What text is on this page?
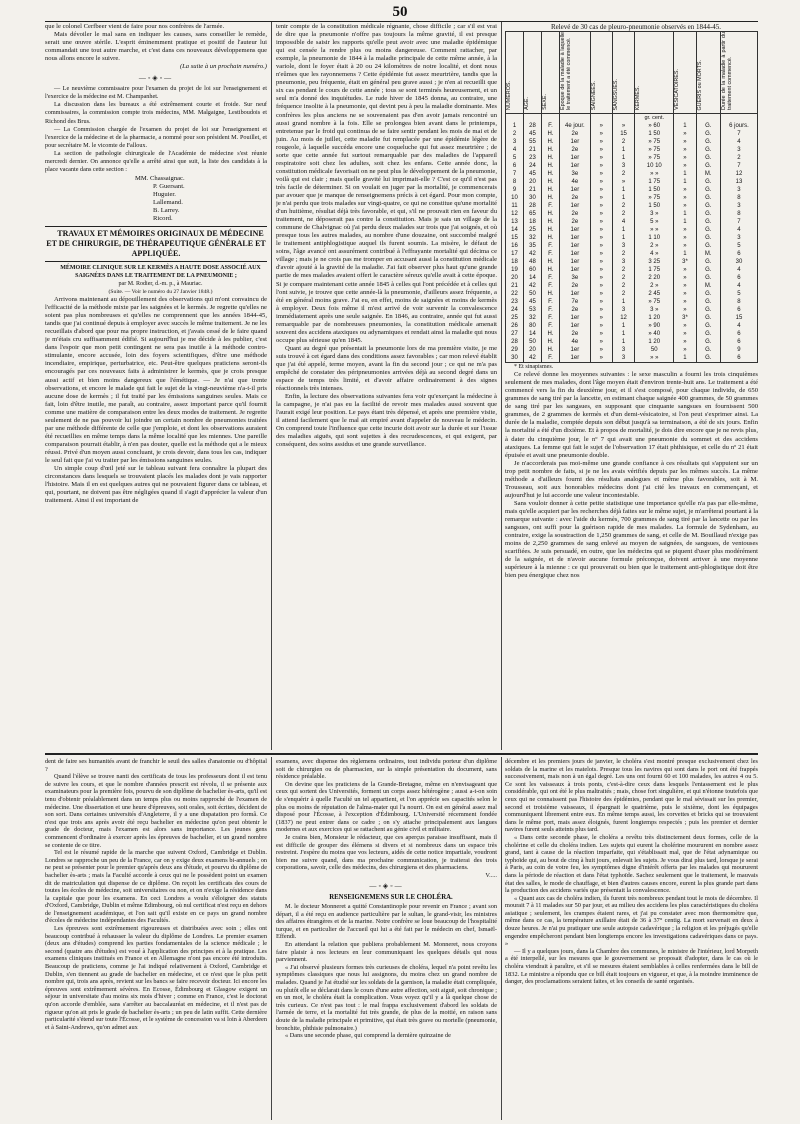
50

que le colonel Cerfbeer vient de faire pour nos confrères de l'armée.

Mais dévoiler le mal sans en indiquer les causes, sans conseiller le remède, serait une œuvre stérile. L'esprit éminemment pratique et positif de l'auteur lui commandait une tout autre marche, et c'est dans ces nouveaux développemens que nous allons encore le suivre.

(La suite à un prochain numéro.)

—◦◈◦—

— Le neuvième commissaire pour l'examen du projet de loi sur l'enseignement et l'exercice de la médecine est M. Champanhet.

La discussion dans les bureaux a été extrêmement courte et froide. Sur neuf commissaires, la commission compte trois médecins, MM. Malgaigne, Lestiboudois et Richond des Brus.

— La Commission chargée de l'examen du projet de loi sur l'enseignement et l'exercice de la médecine et de la pharmacie, a nommé pour son président M. Pouillet, et pour secrétaire M. le vicomte de Falloux.

La section de pathologie chirurgicale de l'Académie de médecine s'est réunie mercredi dernier. On annonce qu'elle a arrêté ainsi que suit, la liste des candidats à la place vacante dans cette section :

MM. Chassaignac.
P. Guersant.
Huguier.
Lallemand.
B. Larrey.
Ricord.

TRAVAUX ET MÉMOIRES ORIGINAUX DE MÉDECINE ET DE CHIRURGIE, DE THÉRAPEUTIQUE GÉNÉRALE ET APPLIQUÉE.

MÉMOIRE CLINIQUE SUR LE KERMÈS A HAUTE DOSE ASSOCIÉ AUX SAIGNÉES DANS LE TRAITEMENT DE LA PNEUMONIE ;

par M. Rodier, d.-m. p., à Mauriac.

(Suite. — Voir le numéro du 27 Janvier 1848.)

Arrivons maintenant au dépouillement des observations qui m'ont convaincu de l'efficacité de la méthode mixte par les saignées et le kermès. Je regrette qu'elles ne soient pas plus nombreuses et qu'elles ne comprennent que les années 1844-45, tandis que j'ai continué depuis à employer avec succès le même traitement. Je ne les recueillais d'abord que pour ma propre instruction, et j'avais cessé de le faire quand je m'étais cru suffisamment édifié. Si aujourd'hui je me décide à les publier, c'est dans l'espoir que mon petit contingent ne sera pas inutile à la méthode contro-stimulante, encore accusée, loin des foyers scientifiques, d'être une méthode incendiaire, empirique, perturbatrice, etc. Peut-être quelques praticiens seront-ils encouragés par ces nouveaux faits à administrer le kermès, que je crois presque aussi actif et bien moins dangereux que l'émétique. — Je n'ai que trente observations, et encore le malade qui fait le sujet de la vingt-neuvième n'a-t-il pris aucune dose de kermès ; il fut traité par les émissions sanguines seules. Mais ce fait, loin d'être inutile, me paraît, au contraire, assez important parce qu'il fournit comme une matière de comparaison entre les deux modes de traitement. Je regrette seulement de ne pas pouvoir lui joindre un certain nombre de pneumonies traitées par une méthode différente de celle que j'emploie, et dont les observations auraient été recueillies en même temps dans la même localité que les miennes. Une pareille comparaison pourrait établir, à n'en pas douter, quelle est la méthode qui a le mieux réussi. Privé d'un moyen aussi concluant, je crois devoir, dans tous les cas, indiquer le seul fait que j'ai vu traiter par les émissions sanguines seules.

Un simple coup d'œil jeté sur le tableau suivant fera connaître la plupart des circonstances dans lesquels se trouvaient placés les malades dont je vais rapporter l'histoire. Mais il en est quelques autres qui ne pouvaient figurer dans ce tableau, et qui, pourtant, ne doivent pas être négligées quand il s'agit d'apprécier la valeur d'un traitement. Ainsi il est important de

tenir compte de la constitution médicale régnante, chose difficile ; car s'il est vrai de dire que la pneumonie n'offre pas toujours la même gravité, il est presque impossible de saisir les rapports qu'elle peut avoir avec une maladie épidémique qui est censée la rendre plus ou moins dangereuse. Comment rattacher, par exemple, la pneumonie de 1844 à la maladie principale de cette même année, à la variole, dont le foyer était à 20 ou 24 kilomètres de notre localité, et dont nous n'eûmes que les rayonnemens ? Cette épidémie fut assez meurtrière, tandis que la pneumonie, peu fréquente, était en général peu grave aussi ; je n'en ai recueilli que six cas pendant le cours de cette année ; tous se sont terminés heureusement, et un seul m'a donné des inquiétudes. Le rude hiver de 1845 donna, au contraire, une fréquence insolite à la pneumonie, qui devint peu à peu la maladie dominante. Mes confrères les plus anciens ne se souvenaient pas d'en avoir jamais rencontré un aussi grand nombre à la fois. Elle se prolongea bien avant dans le printemps, entretenue par le froid qui continua de se faire sentir pendant les mois de mai et de juin. Au mois de juillet, cette maladie fut remplacée par une épidémie légère de rougeole, à laquelle succéda encore une coqueluche qui fut assez meurtrière ; de sorte que cette année fut surtout remarquable par des maladies de l'appareil respiratoire soit chez les adultes, soit chez les enfans. Cette année donc, la constitution médicale favorisait on ne peut plus le développement de la pneumonie, voilà qui est clair ; mais quelle gravité lui imprimait-elle ? C'est ce qu'il n'est pas très facile de déterminer. Si on voulait en juger par la mortalité, je commencerais par avouer que je manque de renseignemens précis à cet égard. Pour mon compte, je n'ai perdu que trois malades sur vingt-quatre, ce qui ne constitue qu'une mortalité d'un huitième, résultat déjà très favorable, et qui, s'il ne prouvait rien en faveur du traitement, ne déposerait pas contre la constitution. Mais je sais un village de la commune de Chalvignac où j'ai perdu deux malades sur trois que j'ai soignés, et où presque tous les autres malades, au nombre d'une douzaine, ont succombé malgré le traitement antiphlogistique auquel ils furent soumis. La misère, le défaut de soins, l'âge avancé ont assurément contribué à l'effrayante mortalité qui décima ce village ; mais je ne crois pas me tromper en accusant aussi la constitution médicale d'avoir ajouté à la gravité de la maladie. J'ai fait observer plus haut qu'une grande partie de mes malades avaient offert le caractère séreux qu'elle avait à cette époque. Si je compare maintenant cette année 1845 à celles qui l'ont précédée et à celles qui l'ont suivie, je trouve que cette année-là la pneumonie, d'ailleurs assez fréquente, a été en général moins grave. J'ai eu, en effet, moins de saignées et moins de kermès à employer. Deux fois même il m'est arrivé de voir survenir la convalescence immédiatement après une seule saignée. En 1846, au contraire, année qui fut aussi remarquable par de nombreuses pneumonies, la constitution médicale amenait souvent des accidens ataxiques ou adynamiques et rendait ainsi la maladie qui nous occupe plus sérieuse qu'en 1845.

Quant au degré que présentait la pneumonie lors de ma première visite, je me suis trouvé à cet égard dans des conditions assez favorables ; car mon relevé établit que j'ai été appelé, terme moyen, avant la fin du second jour ; ce qui ne m'a pas empêché de constater des péripneumonies arrivées déjà au second degré dans un espace de temps très limité, et d'avoir affaire ordinairement à des signes réactionnels très intenses.

Enfin, la lecture des observations suivantes fera voir qu'exerçant la médecine à la campagne, je n'ai pas eu la facilité de revoir mes malades aussi souvent que l'aurait exigé leur position. Le pays étant très dépensé, et après une première visite, il attend facilement que le mal ait empiré avant d'appeler de nouveau le médecin. On comprend toute l'influence que cette incurie doit avoir sur la durée et sur l'issue des maladies aiguës, qui sont sujettes à des recrudescences, et qui exigent, par conséquent, des soins assidus et une grande surveillance.

Relevé de 30 cas de pleuro-pneumonie observés en 1844-45.

NUMÉROS.	AGE.	SEXE.	Époque de la maladie à laquelle le traitement a été commencé.	SAIGNÉES.	SANGSUES.	KERMÈS.	VÉSICATOIRES.	GUÉRIS ou MORTS.	Durée de la maladie à partir du traitement commencé.
						gr. cent.			
1	28	F.	4e jour.	»	»	» 60	1	G.	6 jours.
2	45	H.	2e	»	15	1 50	»	G.	7
3	55	H.	1er	»	2	» 75	»	G.	4
4	21	H.	2e	»	1	» 75	»	G.	3
5	23	H.	1er	»	1	» 75	»	G.	2
6	24	H.	1er	»	3	10 10	»	G.	7
7	45	H.	3e	»	2	» »	1	M.	12
8	20	H.	4e	»	»	1 75	1	G.	13
9	21	H.	1er	»	1	1 50	»	G.	3
10	30	H.	2e	»	1	» 75	»	G.	8
11	28	F.	1er	»	2	1 50	»	G.	3
12	65	H.	2e	»	2	3 »	1	G.	8
13	18	H.	2e	»	4	5 »	1	G.	7
14	25	H.	1er	»	1	» »	»	G.	4
15	32	H.	1er	»	1	1 10	»	G.	3
16	35	F.	1er	»	3	2 »	»	G.	5
17	42	F.	1er	»	2	4 »	1	M.	6
18	48	H.	1er	»	3	3 25	3*	G.	30
19	60	H.	1er	»	2	1 75	»	G.	4
20	14	F.	3e	»	2	2 20	»	G.	6
21	42	F.	2e	»	2	2 »	»	M.	4
22	50	H.	1er	»	2	2 45	»	G.	5
23	45	F.	7e	»	1	» 75	»	G.	8
24	53	F.	2e	»	3	3 »	»	G.	6
25	32	F.	1er	»	12	1 20	3*	G.	15
26	80	F.	1er	»	1	» 90	»	G.	4
27	14	H.	2e	»	1	» 40	»	G.	6
28	50	H.	4e	»	1	1 20	»	G.	6
29	20	H.	1er	»	3	50	»	G.	9
30	42	F.	1er	»	3	» »	1	G.	6

* Et sinapismes.

Ce relevé donne les moyennes suivantes : le sexe masculin a fourni les trois cinquièmes seulement de mes malades, dont l'âge moyen était d'environ trente-huit ans. Le traitement a été commencé vers la fin du deuxième jour, et il s'est composé, pour chaque individu, de 650 grammes de sang tiré par la lancette, en estimant chaque saignée 400 grammes, de 50 grammes de sang tiré par les sangsues, en supposant que cinquante sangsues en fournissent 500 grammes, de 2 grammes de kermès et d'un demi-vésicatoire, si l'on peut s'exprimer ainsi. La durée de la maladie, comptée depuis son début jusqu'à sa terminaison, a été de six jours. Enfin la mortalité a été d'un dixième. Et à propos de mortalité, je dois dire encore que je ne revis plus, à dater du cinquième jour, le nº 7 qui avait une pneumonie du sommet et des accidens ataxiques. La femme qui fait le sujet de l'observation 17 était phthisique, et celle du nº 21 était épuisée et avait une pneumonie double.

Je n'accorderais pas moi-même une grande confiance à ces résultats qui s'appuient sur un trop petit nombre de faits, si je ne les avais vérifiés depuis par les mêmes succès. La même méthode a d'ailleurs fourni des résultats analogues et même plus favorables, soit à M. Trousseau, soit aux honorables médecins dont j'ai cité les travaux en commençant, et aujourd'hui je lui accorde une valeur incontestable.

Sans vouloir donner à cette petite statistique une importance qu'elle n'a pas par elle-même, mais qu'elle acquiert par les recherches déjà faites sur le même sujet, je m'arrêterai pourtant à la remarque suivante : avec l'aide du kermès, 700 grammes de sang tiré par la lancette ou par les sangsues, ont suffi pour la guérison rapide de mes malades. La formule de Sydenham, au contraire, exige la soustraction de 1,250 grammes de sang, et celle de M. Bouillaud n'exige pas moins de 2,250 grammes de sang enlevé au moyen de saignées, de sangsues, de ventouses scarifiées. Je suis persuadé, en outre, que les médecins qui se piquent d'user plus modérément de la saignée, et de n'avoir aucune formule préconçue, doivent arriver à une moyenne supérieure à la mienne : ce qui prouverait ou bien que le traitement anti-phlogistique doit être bien peu énergique chez nos

dent de faire ses humanités avant de franchir le seuil des salles d'anatomie ou d'hôpital ?

Quand l'élève se trouve nanti des certificats de tous les professeurs dont il est tenu de suivre les cours, et que le nombre d'années prescrit est révolu, il se présente aux examinateurs pour la première fois, pourvu de son diplôme de bachelier ès-arts, qu'il est tenu d'obtenir préalablement dans un temps plus ou moins rapproché de l'examen de médecine. Une dissertation et une heure d'épreuves, soit orales, soit écrites, décident de son sort. Dans certaines universités d'Angleterre, il y a une dispatation pro formâ. Ce n'est que trois ans après avoir été reçu bachelier en médecine qu'on peut obtenir le grade de docteur, mais l'examen est alors sans importance. Les jeunes gens commencent d'ordinaire à exercer après les épreuves de bachelier, et un grand nombre se contente de ce titre.

Tel est le résumé rapide de la marche que suivent Oxford, Cambridge et Dublin. Londres se rapproche un peu de la France, car on y exige deux examens bi-annuels ; on ne peut se présenter pour le premier qu'après deux ans d'étude, et pourvu du diplôme de bachelier ès-arts ; mais la Faculté accorde à ceux qui ne le possèdent point un examen dit de matriculation qui dispense de ce diplôme. On reçoit les certificats des cours de toutes les écoles de médecine, soit universitaires ou non, et on n'exige la résidence dans la capitale que pour les examens. En ceci Londres a voulu s'éloigner des statuts d'Oxford, Cambridge, Dublin et même Edimbourg, où nul certificat n'est reçu en dehors de l'enseignement académique, et l'on sait qu'il existe en ce pays un grand nombre d'écoles de médecine indépendantes des Facultés.

Les épreuves sont extrêmement rigoureuses et distribuées avec soin ; elles ont beaucoup contribué à rehausser la valeur du diplôme de Londres. Le premier examen (deux ans d'études) comprend les parties fondamentales de la science médicale ; le second (quatre ans d'études) est voué à l'application des principes et à la pratique. Les examens cliniques institués en France et en Allemagne n'ont pas encore été introduits. Beaucoup de praticiens, comme je l'ai indiqué relativement à Oxford, Cambridge et Dublin, s'en tiennent au grade de bachelier en médecine, et ce n'est que le plus petit nombre qui, trois ans après, revient sur les bancs se faire recevoir docteur. Ici encore les épreuves sont extrêmement sévères. En Ecosse, Édimbourg et Glasgow exigent un séjour in universitate d'au moins six mois d'hiver ; comme en France, c'est le doctorat qu'on accorde d'emblée, sans s'arrêter au baccalauréat en médecine, et il n'est pas de rigueur qu'on ait pris le grade de bachelier ès-arts ; un peu de latin suffit. Cette dernière particularité s'étend sur toute l'Écosse, et le système de concession va si loin à Aberdeen et à Saint-Andrews, qu'on admet aux

examens, avec dispense des règlemens ordinaires, tout individu porteur d'un diplôme soit de chirurgien ou de pharmacien, sur la simple présentation du document, sans résidence préalable.

On devine que les praticiens de la Grande-Bretagne, même en n'envisageant que ceux qui sortent des Universités, forment un corps assez hétérogène ; aussi a-t-on soin de s'enquérir à quelle Faculté un tel appartient, et l'on apprécie ses capacités selon le plus ou moins de réputation de l'alma-mater qui l'a nourri. On est en général assez mal disposé pour l'Écosse, à l'exception d'Édimbourg. L'Université récemment fondée (1837) ne peut entrer dans ce cadre ; on s'y attache principalement aux langues modernes et aux exercices qui se rattachent au génie civil et militaire.

Je crains bien, Monsieur le rédacteur, que ces aperçus paraisse insuffisant, mais il est difficile de grouper des élémens si divers et si nombreux dans un espace très restreint. J'espère du moins que vos lecteurs, aidés de cette notice impartiale, voudront bien me suivre quand, dans ma prochaine communication, je traiterai des trois corporations, savoir, celle des médecins, des chirurgiens et des pharmaciens.

V.....

—◦◈◦—

RENSEIGNEMENS SUR LE CHOLÉRA.

M. le docteur Monneret a quitté Constantinople pour revenir en France ; avant son départ, il a été reçu en audience particulière par le sultan, le grand-visir, les ministres des affaires étrangères et de la marine. Notre confrère se loue beaucoup de l'hospitalité turque, et en particulier de l'accueil qui lui a été fait par le médecin en chef, Ismaël-Effendi.

En attendant la relation que publiera probablement M. Monneret, nous croyons faire plaisir à nos lecteurs en leur communiquant les quelques détails qui nous parviennent.

« J'ai observé plusieurs formes très curieuses de choléra, lequel n'a point revêtu les symptômes classiques que nous lui assignons, du moins chez un grand nombre de malades. Quand je l'ai étudié sur les soldats de la garnison, la maladie était compliquée, ou plutôt elle se déclarait dans le cours d'une autre affection, soit aiguë, soit chronique ; en un mot, le choléra était la complication. Vous voyez qu'il y a là quelque chose de très curieux. Ce n'est pas tout : le mal frappa exclusivement d'abord les soldats de l'armée de terre, et la mortalité fut très grande, de plus de la moitié, en raison sans doute de la maladie principale et primitive, qui était très grave ou mortelle (pneumonie, bronchite, phthisie pulmonaire.)

« Dans une seconde phase, qui comprend la dernière quinzaine de

décembre et les premiers jours de janvier, le choléra s'est montré presque exclusivement chez les soldats de la marine et les matelots. Presque tous les navires qui sont dans le port ont été frappés successivement, mais non à un égal degré. Les uns ont fourni 60 et 100 malades, les autres 4 ou 5. Ce sont les vaisseaux à trois ponts, c'est-à-dire ceux dans lesquels l'entassement est le plus considérable, qui ont été le plus maltraités ; mais, chose fort singulière, et qui n'étonne toutefois que ceux qui ne connaissent pas l'histoire des épidémies, pendant que le mal sévissait sur les premier, second et troisième vaisseaux, il épargnait le quatrième, puis le sixième, dont les équipages communiquent librement entre eux. En même temps aussi, les corvettes et bricks qui se trouvaient dans le même port, mais assez éloignés, furent longtemps respectés ; puis les premier et dernier navires furent seuls atteints plus tard.

« Dans cette seconde phase, le choléra a revêtu très distinctement deux formes, celle de la cholérine et celle du choléra indien. Les sujets qui eurent la cholérine moururent en nombre assez grand, tant à cause de la réaction imparfaite, qui s'établissait mal, que de l'état adynamique ou typhoïde qui, au bout de cinq à huit jours, enlevait les sujets. Je vous dirai plus tard, lorsque je serai à Paris, au coin de votre feu, les symptômes digne d'intérêt offerts par les malades qui moururent dans la période de réaction et dans l'état typhoïde. Sachez seulement que le traitement, le mauvais état des salles, le mode de chauffage, et bien d'autres causes encore, eurent la plus grande part dans la production des accidens variés que présentait la convalescence.

« Quant aux cas de choléra indien, ils furent très nombreux pendant tout le mois de décembre. Il mourait 7 à 11 malades sur 50 par jour, et au milieu des accidens les plus caractéristiques du choléra asiatique ; seulement, les crampes étaient rares, et j'ai pu constater avec mon thermomètre que, même dans ce cas, la température axillaire était de 36 à 37° centig. La mort survenait en deux à douze heures. Je n'ai pu pratiquer une seule autopsie cadavérique ; la religion et les préjugés qu'elle engendre empêcheront pendant bien longtemps encore les investigations cadavériques dans ce pays. »

— Il y a quelques jours, dans la Chambre des communes, le ministre de l'intérieur, lord Morpeth a été interpellé, sur les mesures que le gouvernement se proposait d'adopter, dans le cas où le choléra viendrait à paraître, et s'il se mesures étaient semblables à celles renfermées dans le bill de 1832. Le ministre a répondu que ce bill était toujours en vigueur, et que, à la moindre imminence de danger, des proclamations seraient faites, et les conseils de santé organisés.
